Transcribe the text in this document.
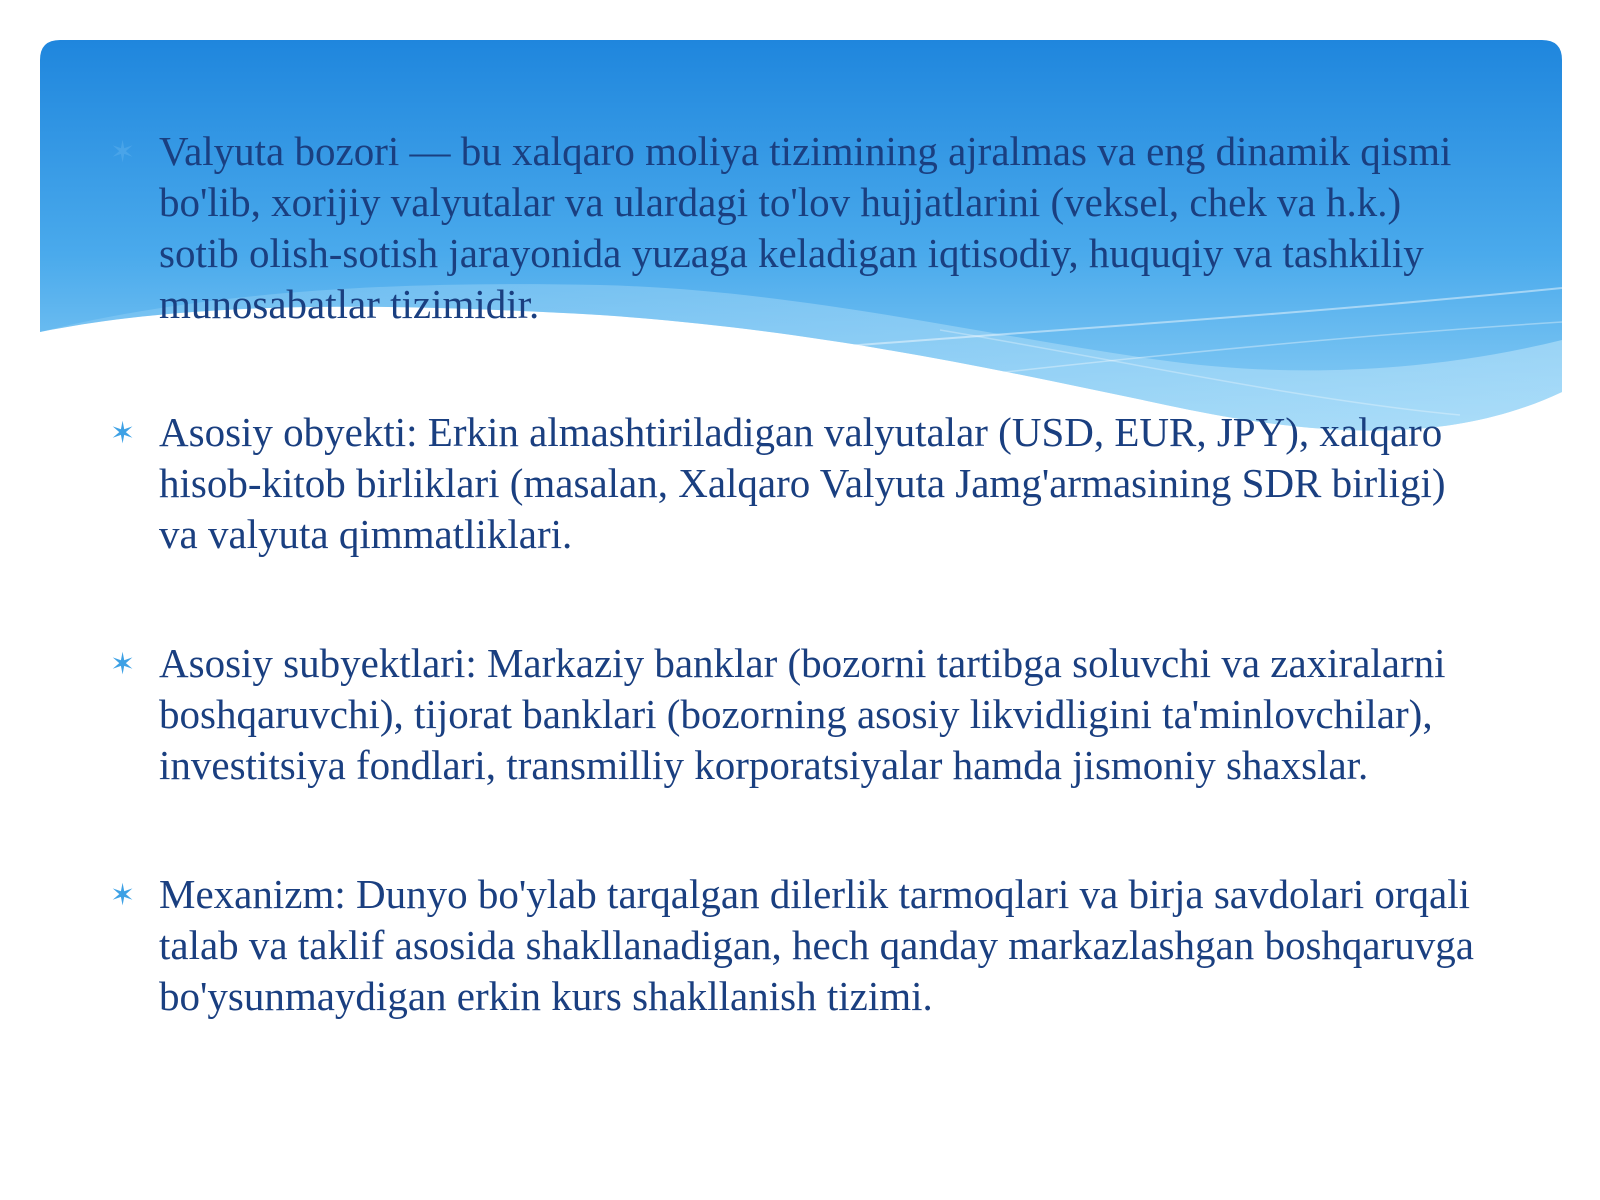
✶ Valyuta bozori — bu xalqaro moliya tizimining ajralmas va eng dinamik qismi bo'lib, xorijiy valyutalar va ulardagi to'lov hujjatlarini (veksel, chek va h.k.) sotib olish-sotish jarayonida yuzaga keladigan iqtisodiy, huquqiy va tashkiliy munosabatlar tizimidir.
✶ Asosiy obyekti: Erkin almashtiriladigan valyutalar (USD, EUR, JPY), xalqaro hisob-kitob birliklari (masalan, Xalqaro Valyuta Jamg'armasining SDR birligi) va valyuta qimmatliklari.
✶ Asosiy subyektlari: Markaziy banklar (bozorni tartibga soluvchi va zaxiralarni boshqaruvchi), tijorat banklari (bozorning asosiy likvidligini ta'minlovchilar), investitsiya fondlari, transmilliy korporatsiyalar hamda jismoniy shaxslar.
✶ Mexanizm: Dunyo bo'ylab tarqalgan dilerlik tarmoqlari va birja savdolari orqali talab va taklif asosida shakllanadigan, hech qanday markazlashgan boshqaruvga bo'ysunmaydigan erkin kurs shakllanish tizimi.
